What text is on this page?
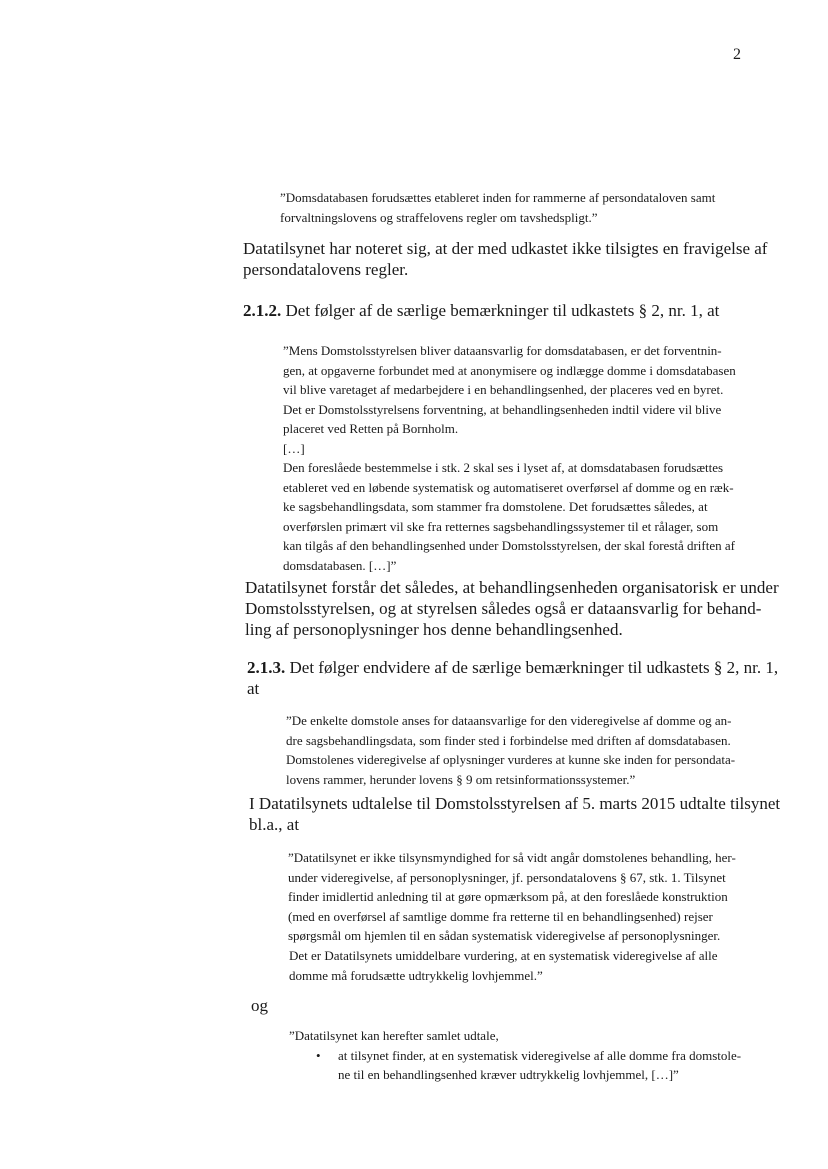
2
”Domsdatabasen forudsættes etableret inden for rammerne af persondataloven samt
forvaltningslovens og straffelovens regler om tavshedspligt.”
Datatilsynet har noteret sig, at der med udkastet ikke tilsigtes en fravigelse af
persondatalovens regler.
2.1.2. Det følger af de særlige bemærkninger til udkastets § 2, nr. 1, at
”Mens Domstolsstyrelsen bliver dataansvarlig for domsdatabasen, er det forventnin-
gen, at opgaverne forbundet med at anonymisere og indlægge domme i domsdatabasen
vil blive varetaget af medarbejdere i en behandlingsenhed, der placeres ved en byret.
Det er Domstolsstyrelsens forventning, at behandlingsenheden indtil videre vil blive
placeret ved Retten på Bornholm.
[…]
Den foreslåede bestemmelse i stk. 2 skal ses i lyset af, at domsdatabasen forudsættes
etableret ved en løbende systematisk og automatiseret overførsel af domme og en ræk-
ke sagsbehandlingsdata, som stammer fra domstolene. Det forudsættes således, at
overførslen primært vil ske fra retternes sagsbehandlingssystemer til et rålager, som
kan tilgås af den behandlingsenhed under Domstolsstyrelsen, der skal forestå driften af
domsdatabasen. […]”
Datatilsynet forstår det således, at behandlingsenheden organisatorisk er under
Domstolsstyrelsen, og at styrelsen således også er dataansvarlig for behand-
ling af personoplysninger hos denne behandlingsenhed.
2.1.3. Det følger endvidere af de særlige bemærkninger til udkastets § 2, nr. 1,
at
”De enkelte domstole anses for dataansvarlige for den videregivelse af domme og an-
dre sagsbehandlingsdata, som finder sted i forbindelse med driften af domsdatabasen.
Domstolenes videregivelse af oplysninger vurderes at kunne ske inden for persondata-
lovens rammer, herunder lovens § 9 om retsinformationssystemer.”
I Datatilsynets udtalelse til Domstolsstyrelsen af 5. marts 2015 udtalte tilsynet
bl.a., at
”Datatilsynet er ikke tilsynsmyndighed for så vidt angår domstolenes behandling, her-
under videregivelse, af personoplysninger, jf. persondatalovens § 67, stk. 1. Tilsynet
finder imidlertid anledning til at gøre opmærksom på, at den foreslåede konstruktion
(med en overførsel af samtlige domme fra retterne til en behandlingsenhed) rejser
spørgsmål om hjemlen til en sådan systematisk videregivelse af personoplysninger.
Det er Datatilsynets umiddelbare vurdering, at en systematisk videregivelse af alle
domme må forudsætte udtrykkelig lovhjemmel.”
og
”Datatilsynet kan herefter samlet udtale,
• at tilsynet finder, at en systematisk videregivelse af alle domme fra domstole-
ne til en behandlingsenhed kræver udtrykkelig lovhjemmel, […]”
